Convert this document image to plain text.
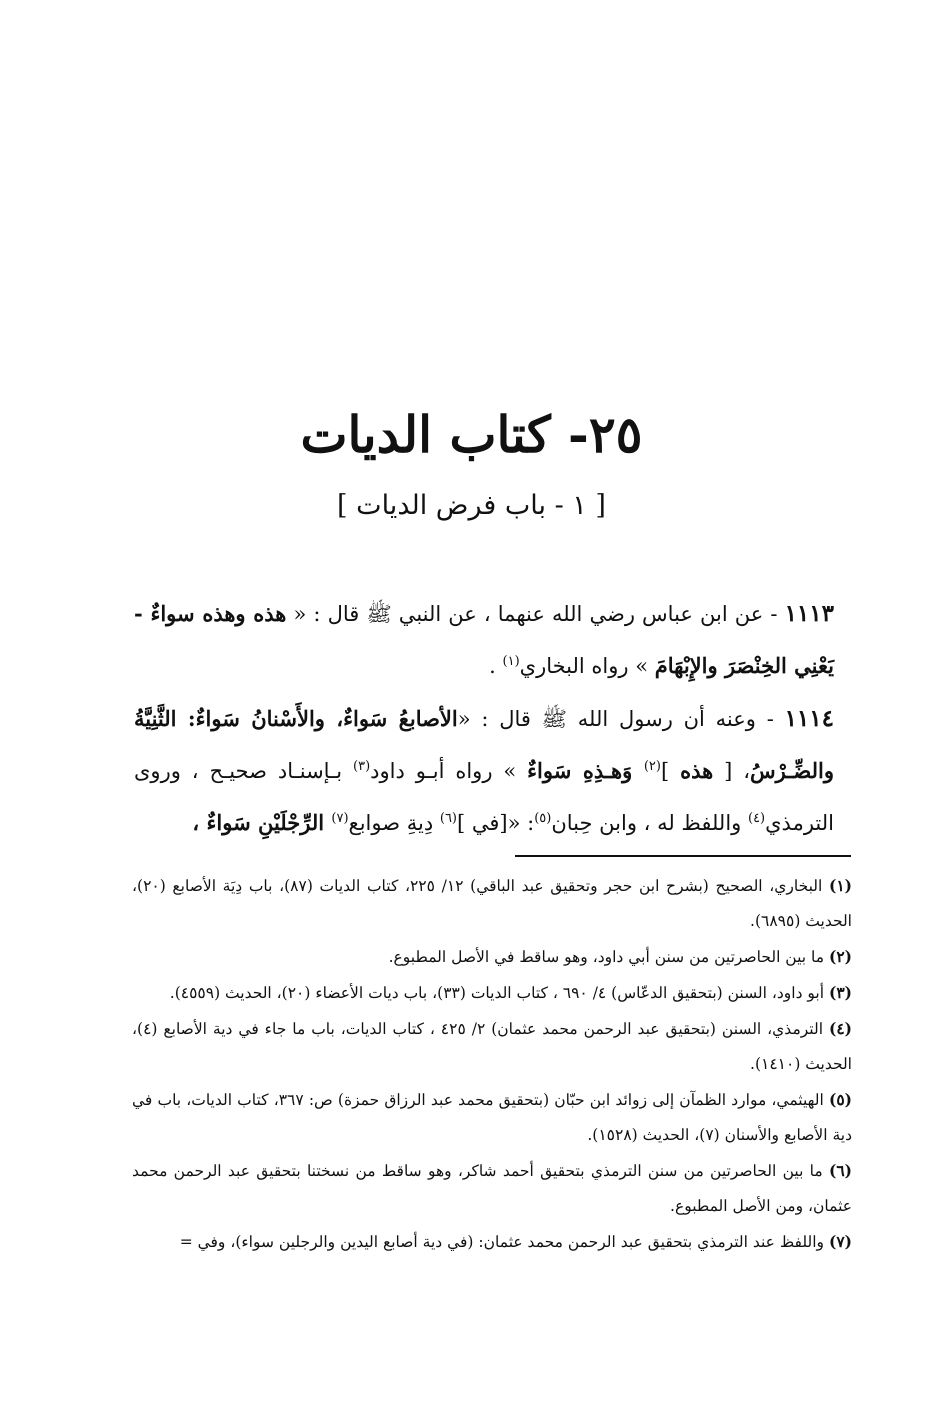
٢٥- كتاب الديات
[ ١ - باب فرض الديات ]
١١١٣ - عن ابن عباس رضي الله عنهما ، عن النبي ﷺ قال : « هذه وهذه سواءٌ - يَعْنِي الخِنْصَرَ والإِبْهَامَ » رواه البخاري$^{(١)}$ .
١١١٤ - وعنه أن رسول الله ﷺ قال : «الأصابعُ سَواءٌ، والأَسْنانُ سَواءٌ: الثَّنِيَّةُ والضِّـرْسُ، [ هذه ]$^{(٢)}$ وَهـذِهِ سَواءٌ » رواه أبـو داود$^{(٣)}$ بـإسنـاد صحيـح ، وروى الترمذي$^{(٤)}$ واللفظ له ، وابن حِبان$^{(٥)}$: «[في ]$^{(٦)}$ دِيةِ صوابع$^{(٧)}$ الرِّجْلَيْنِ سَواءٌ ،

(١) البخاري، الصحيح (بشرح ابن حجر وتحقيق عبد الباقي) ١٢/ ٢٢٥، كتاب الديات (٨٧)، باب دِيَة الأصابع (٢٠)، الحديث (٦٨٩٥).

(٢) ما بين الحاصرتين من سنن أبي داود، وهو ساقط في الأصل المطبوع.

(٣) أبو داود، السنن (بتحقيق الدعّاس) ٤/ ٦٩٠ ، كتاب الديات (٣٣)، باب ديات الأعضاء (٢٠)، الحديث (٤٥٥٩).

(٤) الترمذي، السنن (بتحقيق عبد الرحمن محمد عثمان) ٢/ ٤٢٥ ، كتاب الديات، باب ما جاء في دية الأصابع (٤)، الحديث (١٤١٠).

(٥) الهيثمي، موارد الظمآن إلى زوائد ابن حبّان (بتحقيق محمد عبد الرزاق حمزة) ص: ٣٦٧، كتاب الديات، باب في دية الأصابع والأسنان (٧)، الحديث (١٥٢٨).

(٦) ما بين الحاصرتين من سنن الترمذي بتحقيق أحمد شاكر، وهو ساقط من نسختنا بتحقيق عبد الرحمن محمد عثمان، ومن الأصل المطبوع.

(٧) واللفظ عند الترمذي بتحقيق عبد الرحمن محمد عثمان: (في دية أصابع اليدين والرجلين سواء)، وفي =
